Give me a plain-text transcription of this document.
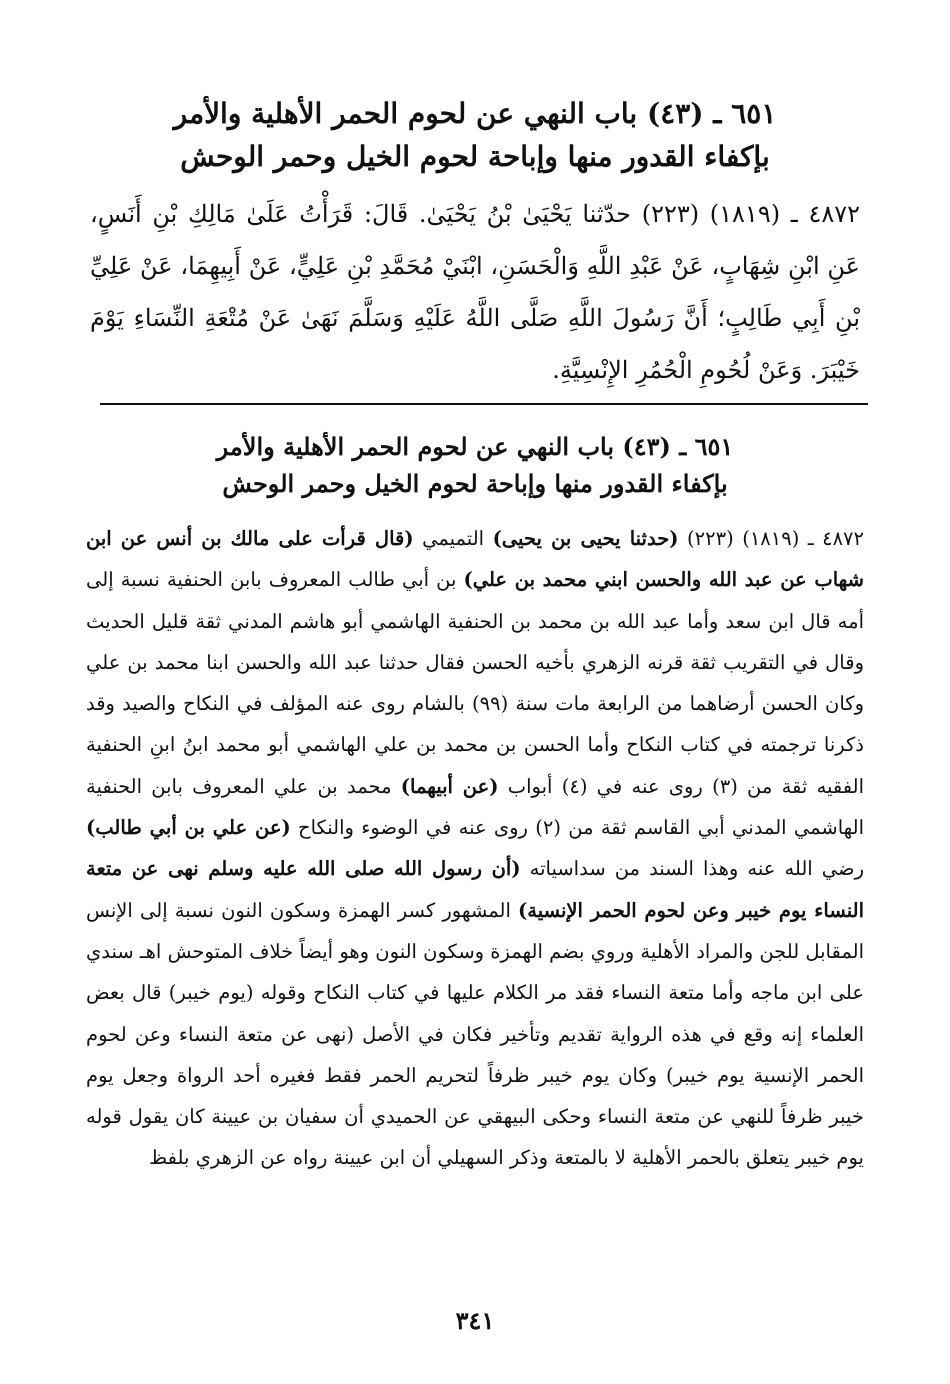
٦٥١ ـ (٤٣) باب النهي عن لحوم الحمر الأهلية والأمر
بإكفاء القدور منها وإباحة لحوم الخيل وحمر الوحش
٤٨٧٢ ـ (١٨١٩) (٢٢٣) حدّثنا يَحْيَىٰ بْنُ يَحْيَىٰ. قَالَ: قَرَأْتُ عَلَىٰ مَالِكِ بْنِ أَنَسٍ، عَنِ ابْنِ شِهَابٍ، عَنْ عَبْدِ اللَّهِ وَالْحَسَنِ، ابْنَيْ مُحَمَّدِ بْنِ عَلِيٍّ، عَنْ أَبِيهِمَا، عَنْ عَلِيِّ بْنِ أَبِي طَالِبٍ؛ أَنَّ رَسُولَ اللَّهِ صَلَّى اللَّهُ عَلَيْهِ وَسَلَّمَ نَهَىٰ عَنْ مُتْعَةِ النِّسَاءِ يَوْمَ خَيْبَرَ. وَعَنْ لُحُومِ الْحُمُرِ الإِنْسِيَّةِ.
٦٥١ ـ (٤٣) باب النهي عن لحوم الحمر الأهلية والأمر
بإكفاء القدور منها وإباحة لحوم الخيل وحمر الوحش
٤٨٧٢ ـ (١٨١٩) (٢٢٣) (حدثنا يحيى بن يحيى) التميمي (قال قرأت على مالك بن أنس عن ابن شهاب عن عبد الله والحسن ابني محمد بن علي) بن أبي طالب المعروف بابن الحنفية نسبة إلى أمه قال ابن سعد وأما عبد الله بن محمد بن الحنفية الهاشمي أبو هاشم المدني ثقة قليل الحديث وقال في التقريب ثقة قرنه الزهري بأخيه الحسن فقال حدثنا عبد الله والحسن ابنا محمد بن علي وكان الحسن أرضاهما من الرابعة مات سنة (٩٩) بالشام روى عنه المؤلف في النكاح والصيد وقد ذكرنا ترجمته في كتاب النكاح وأما الحسن بن محمد بن علي الهاشمي أبو محمد ابنُ ابنِ الحنفية الفقيه ثقة من (٣) روى عنه في (٤) أبواب (عن أبيهما) محمد بن علي المعروف بابن الحنفية الهاشمي المدني أبي القاسم ثقة من (٢) روى عنه في الوضوء والنكاح (عن علي بن أبي طالب) رضي الله عنه وهذا السند من سداسياته (أن رسول الله صلى الله عليه وسلم نهى عن متعة النساء يوم خيبر وعن لحوم الحمر الإنسية) المشهور كسر الهمزة وسكون النون نسبة إلى الإنس المقابل للجن والمراد الأهلية وروي بضم الهمزة وسكون النون وهو أيضاً خلاف المتوحش اهـ سندي على ابن ماجه وأما متعة النساء فقد مر الكلام عليها في كتاب النكاح وقوله (يوم خيبر) قال بعض العلماء إنه وقع في هذه الرواية تقديم وتأخير فكان في الأصل (نهى عن متعة النساء وعن لحوم الحمر الإنسية يوم خيبر) وكان يوم خيبر ظرفاً لتحريم الحمر فقط فغيره أحد الرواة وجعل يوم خيبر ظرفاً للنهي عن متعة النساء وحكى البيهقي عن الحميدي أن سفيان بن عيينة كان يقول قوله يوم خيبر يتعلق بالحمر الأهلية لا بالمتعة وذكر السهيلي أن ابن عيينة رواه عن الزهري بلفظ
٣٤١
